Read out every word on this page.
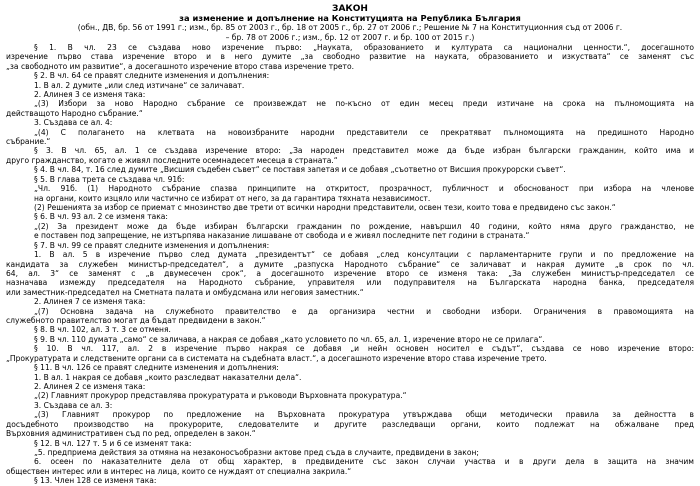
ЗАКОН
за изменение и допълнение на Конституцията на Република България
(обн., ДВ, бр. 56 от 1991 г.; изм., бр. 85 от 2003 г., бр. 18 от 2005 г., бр. 27 от 2006 г.; Решение № 7 на Конституционния съд от 2006 г.
– бр. 78 от 2006 г.; изм., бр. 12 от 2007 г. и бр. 100 от 2015 г.)
§ 1. В чл. 23 се създава ново изречение първо: „Науката, образованието и културата са национални ценности.“, досегашното
изречение първо става изречение второ и в него думите „за свободно развитие на науката, образованието и изкуствата“ се заменят със
„за свободното им развитие“, а досегашното изречение второ става изречение трето.
§ 2. В чл. 64 се правят следните изменения и допълнения:
1. В ал. 2 думите „или след изтичане“ се заличават.
2. Алинея 3 се изменя така:
„(3) Избори за ново Народно събрание се произвеждат не по-късно от един месец преди изтичане на срока на пълномощията на
действащото Народно събрание.“
3. Създава се ал. 4:
„(4) С полагането на клетвата на новоизбраните народни представители се прекратяват пълномощията на предишното Народно
събрание.“
§ 3. В чл. 65, ал. 1 се създава изречение второ: „За народен представител може да бъде избран български гражданин, който има и
друго гражданство, когато е живял последните осемнадесет месеца в страната.“
§ 4. В чл. 84, т. 16 след думите „Висшия съдебен съвет“ се поставя запетая и се добавя „съответно от Висшия прокурорски съвет“.
§ 5. В глава трета се създава чл. 91б:
„Чл. 91б. (1) Народното събрание спазва принципите на откритост, прозрачност, публичност и обоснованост при избора на членове
на органи, които изцяло или частично се избират от него, за да гарантира тяхната независимост.
(2) Решенията за избор се приемат с мнозинство две трети от всички народни представители, освен тези, които това е предвидено със закон.“
§ 6. В чл. 93 ал. 2 се изменя така:
„(2) За президент може да бъде избиран български гражданин по рождение, навършил 40 години, който няма друго гражданство, не
е поставен под запрещение, не изтърпява наказание лишаване от свобода и е живял последните пет години в страната.“
§ 7. В чл. 99 се правят следните изменения и допълнения:
1. В ал. 5 в изречение първо след думата „президентът“ се добавя „след консултации с парламентарните групи и по предложение на
кандидата за служебен министър-председател“, а думите „разпуска Народното събрание“ се заличават и накрая думите „в срок по чл.
64, ал. 3“ се заменят с „в двумесечен срок“, а досегашното изречение второ се изменя така: „За служебен министър-председател се
назначава измежду председателя на Народното събрание, управителя или подуправителя на Българската народна банка, председателя
или заместник-председател на Сметната палата и омбудсмана или неговия заместник.“
2. Алинея 7 се изменя така:
„(7) Основна задача на служебното правителство е да организира честни и свободни избори. Ограничения в правомощията на
служебното правителство могат да бъдат предвидени в закон.“
§ 8. В чл. 102, ал. 3 т. 3 се отменя.
§ 9. В чл. 110 думата „само“ се заличава, а накрая се добавя „като условието по чл. 65, ал. 1, изречение второ не се прилага“.
§ 10. В чл. 117, ал. 2 в изречение първо накрая се добавя „и нейн основен носител е съдът“, създава се ново изречение второ:
„Прокуратурата и следствените органи са в системата на съдебната власт.“, а досегашното изречение второ става изречение трето.
§ 11. В чл. 126 се правят следните изменения и допълнения:
1. В ал. 1 накрая се добавя „които разследват наказателни дела“.
2. Алинея 2 се изменя така:
„(2) Главният прокурор представлява прокуратурата и ръководи Върховната прокуратура.“
3. Създава се ал. 3:
„(3) Главният прокурор по предложение на Върховната прокуратура утвърждава общи методически правила за дейността в
досъдебното производство на прокурорите, следователите и другите разследващи органи, които подлежат на обжалване пред
Върховния административен съд по ред, определен в закон.“
§ 12. В чл. 127 т. 5 и 6 се изменят така:
„5. предприема действия за отмяна на незаконосъобразни актове пред съда в случаите, предвидени в закон;
6. осеен по наказателните дела от общ характер, в предвидените със закон случаи участва и в други дела в защита на значим
обществен интерес или в интерес на лица, които се нуждаят от специална закрила.“
§ 13. Член 128 се изменя така:
